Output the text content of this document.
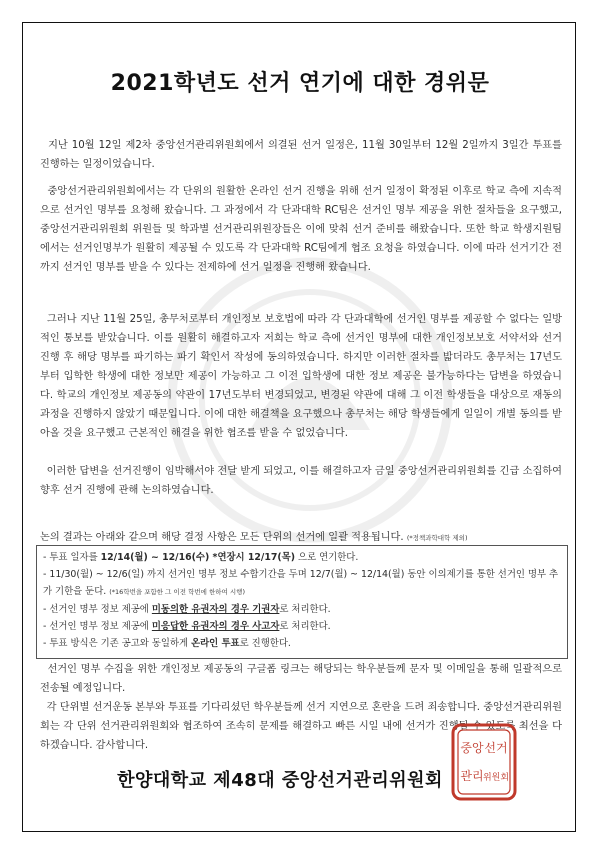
2021학년도 선거 연기에 대한 경위문

지난 10월 12일 제2차 중앙선거관리위원회에서 의결된 선거 일정은, 11월 30일부터 12월 2일까지 3일간 투표를 진행하는 일정이었습니다.

중앙선거관리위원회에서는 각 단위의 원활한 온라인 선거 진행을 위해 선거 일정이 확정된 이후로 학교 측에 지속적으로 선거인 명부를 요청해 왔습니다. 그 과정에서 각 단과대학 RC팀은 선거인 명부 제공을 위한 절차들을 요구했고, 중앙선거관리위원회 위원들 및 학과별 선거관리위원장들은 이에 맞춰 선거 준비를 해왔습니다. 또한 학교 학생지원팀에서는 선거인명부가 원활히 제공될 수 있도록 각 단과대학 RC팀에게 협조 요청을 하였습니다. 이에 따라 선거기간 전까지 선거인 명부를 받을 수 있다는 전제하에 선거 일정을 진행해 왔습니다.

그러나 지난 11월 25일, 총무처로부터 개인정보 보호법에 따라 각 단과대학에 선거인 명부를 제공할 수 없다는 일방적인 통보를 받았습니다. 이를 원활히 해결하고자 저희는 학교 측에 선거인 명부에 대한 개인정보보호 서약서와 선거 진행 후 해당 명부를 파기하는 파기 확인서 작성에 동의하였습니다. 하지만 이러한 절차를 밟더라도 총무처는 17년도부터 입학한 학생에 대한 정보만 제공이 가능하고 그 이전 입학생에 대한 정보 제공은 불가능하다는 답변을 하였습니다. 학교의 개인정보 제공동의 약관이 17년도부터 변경되었고, 변경된 약관에 대해 그 이전 학생들을 대상으로 재동의 과정을 진행하지 않았기 때문입니다. 이에 대한 해결책을 요구했으나 총무처는 해당 학생들에게 일일이 개별 동의를 받아올 것을 요구했고 근본적인 해결을 위한 협조를 받을 수 없었습니다.

이러한 답변을 선거진행이 임박해서야 전달 받게 되었고, 이를 해결하고자 금일 중앙선거관리위원회를 긴급 소집하여 향후 선거 진행에 관해 논의하였습니다.

논의 결과는 아래와 같으며 해당 결정 사항은 모든 단위의 선거에 일괄 적용됩니다. (*정책과학대학 제외)

- 투표 일자를 12/14(월) ~ 12/16(수) *연장시 12/17(목) 으로 연기한다.

- 11/30(월) ~ 12/6(일) 까지 선거인 명부 정보 수합기간을 두며 12/7(월) ~ 12/14(월) 동안 이의제기를 통한 선거인 명부 추가 기한을 둔다. (*16학번을 포함한 그 이전 학번에 한하여 시행)

- 선거인 명부 정보 제공에 미동의한 유권자의 경우 기권자로 처리한다.

- 선거인 명부 정보 제공에 미응답한 유권자의 경우 사고자로 처리한다.

- 투표 방식은 기존 공고와 동일하게 온라인 투표로 진행한다.

선거인 명부 수집을 위한 개인정보 제공동의 구글폼 링크는 해당되는 학우분들께 문자 및 이메일을 통해 일괄적으로 전송될 예정입니다.
각 단위별 선거운동 본부와 투표를 기다리셨던 학우분들께 선거 지연으로 혼란을 드려 죄송합니다. 중앙선거관리위원회는 각 단위 선거관리위원회와 협조하여 조속히 문제를 해결하고 빠른 시일 내에 선거가 진행될 수 있도록 최선을 다하겠습니다. 감사합니다.

한양대학교 제48대 중앙선거관리위원회
중앙 선거
관리 위원회
